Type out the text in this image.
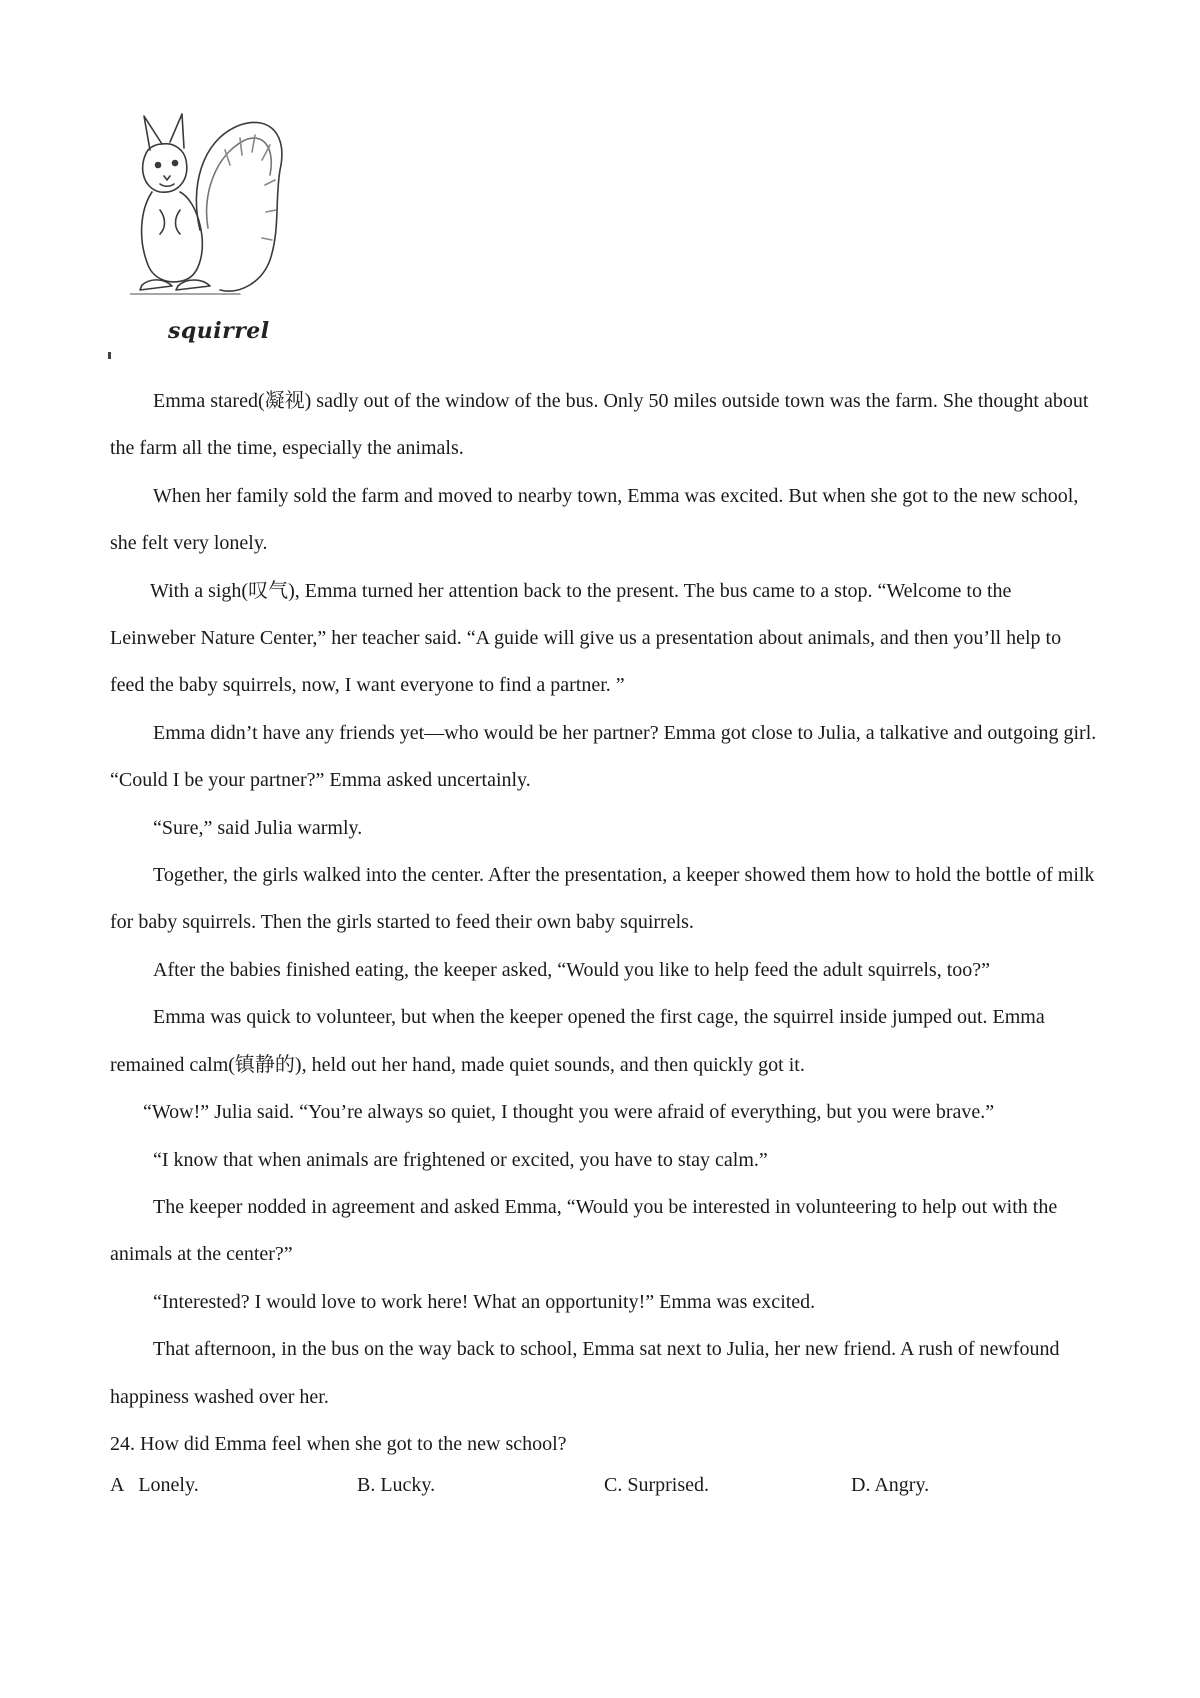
squirrel

Emma stared(凝视) sadly out of the window of the bus. Only 50 miles outside town was the farm. She thought about the farm all the time, especially the animals.

When her family sold the farm and moved to nearby town, Emma was excited. But when she got to the new school, she felt very lonely.

With a sigh(叹气), Emma turned her attention back to the present. The bus came to a stop. “Welcome to the Leinweber Nature Center,” her teacher said. “A guide will give us a presentation about animals, and then you’ll help to feed the baby squirrels, now, I want everyone to find a partner. ”

Emma didn’t have any friends yet—who would be her partner? Emma got close to Julia, a talkative and outgoing girl. “Could I be your partner?” Emma asked uncertainly.

“Sure,” said Julia warmly.

Together, the girls walked into the center. After the presentation, a keeper showed them how to hold the bottle of milk for baby squirrels. Then the girls started to feed their own baby squirrels.

After the babies finished eating, the keeper asked, “Would you like to help feed the adult squirrels, too?”

Emma was quick to volunteer, but when the keeper opened the first cage, the squirrel inside jumped out. Emma remained calm(镇静的), held out her hand, made quiet sounds, and then quickly got it.

“Wow!” Julia said. “You’re always so quiet, I thought you were afraid of everything, but you were brave.”

“I know that when animals are frightened or excited, you have to stay calm.”

The keeper nodded in agreement and asked Emma, “Would you be interested in volunteering to help out with the animals at the center?”

“Interested? I would love to work here! What an opportunity!” Emma was excited.

That afternoon, in the bus on the way back to school, Emma sat next to Julia, her new friend. A rush of newfound happiness washed over her.

24. How did Emma feel when she got to the new school?

A   Lonely.	B. Lucky.	C. Surprised.	D. Angry.
